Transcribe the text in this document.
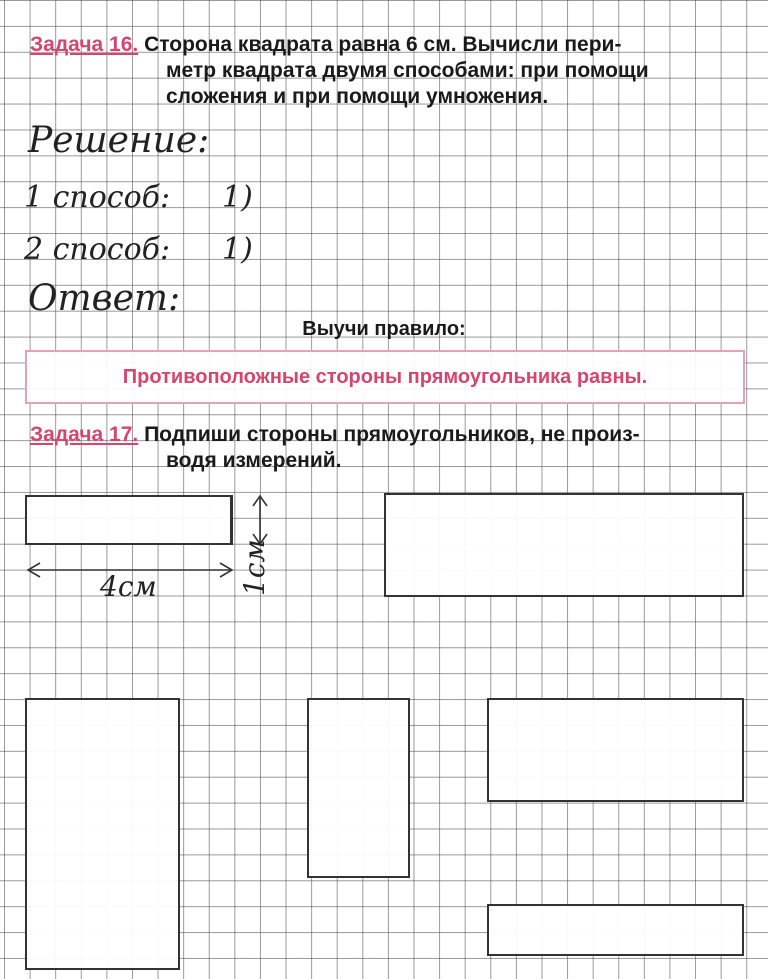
Задача 16. Сторона квадрата равна 6 см. Вычисли пери-
метр квадрата двумя способами: при помощи
сложения и при помощи умножения.
Решение:
1 способ: 1)
2 способ: 1)
Ответ:
Выучи правило:
Противоположные стороны прямоугольника равны.
Задача 17. Подпиши стороны прямоугольников, не произ-
водя измерений.
4см	1см
